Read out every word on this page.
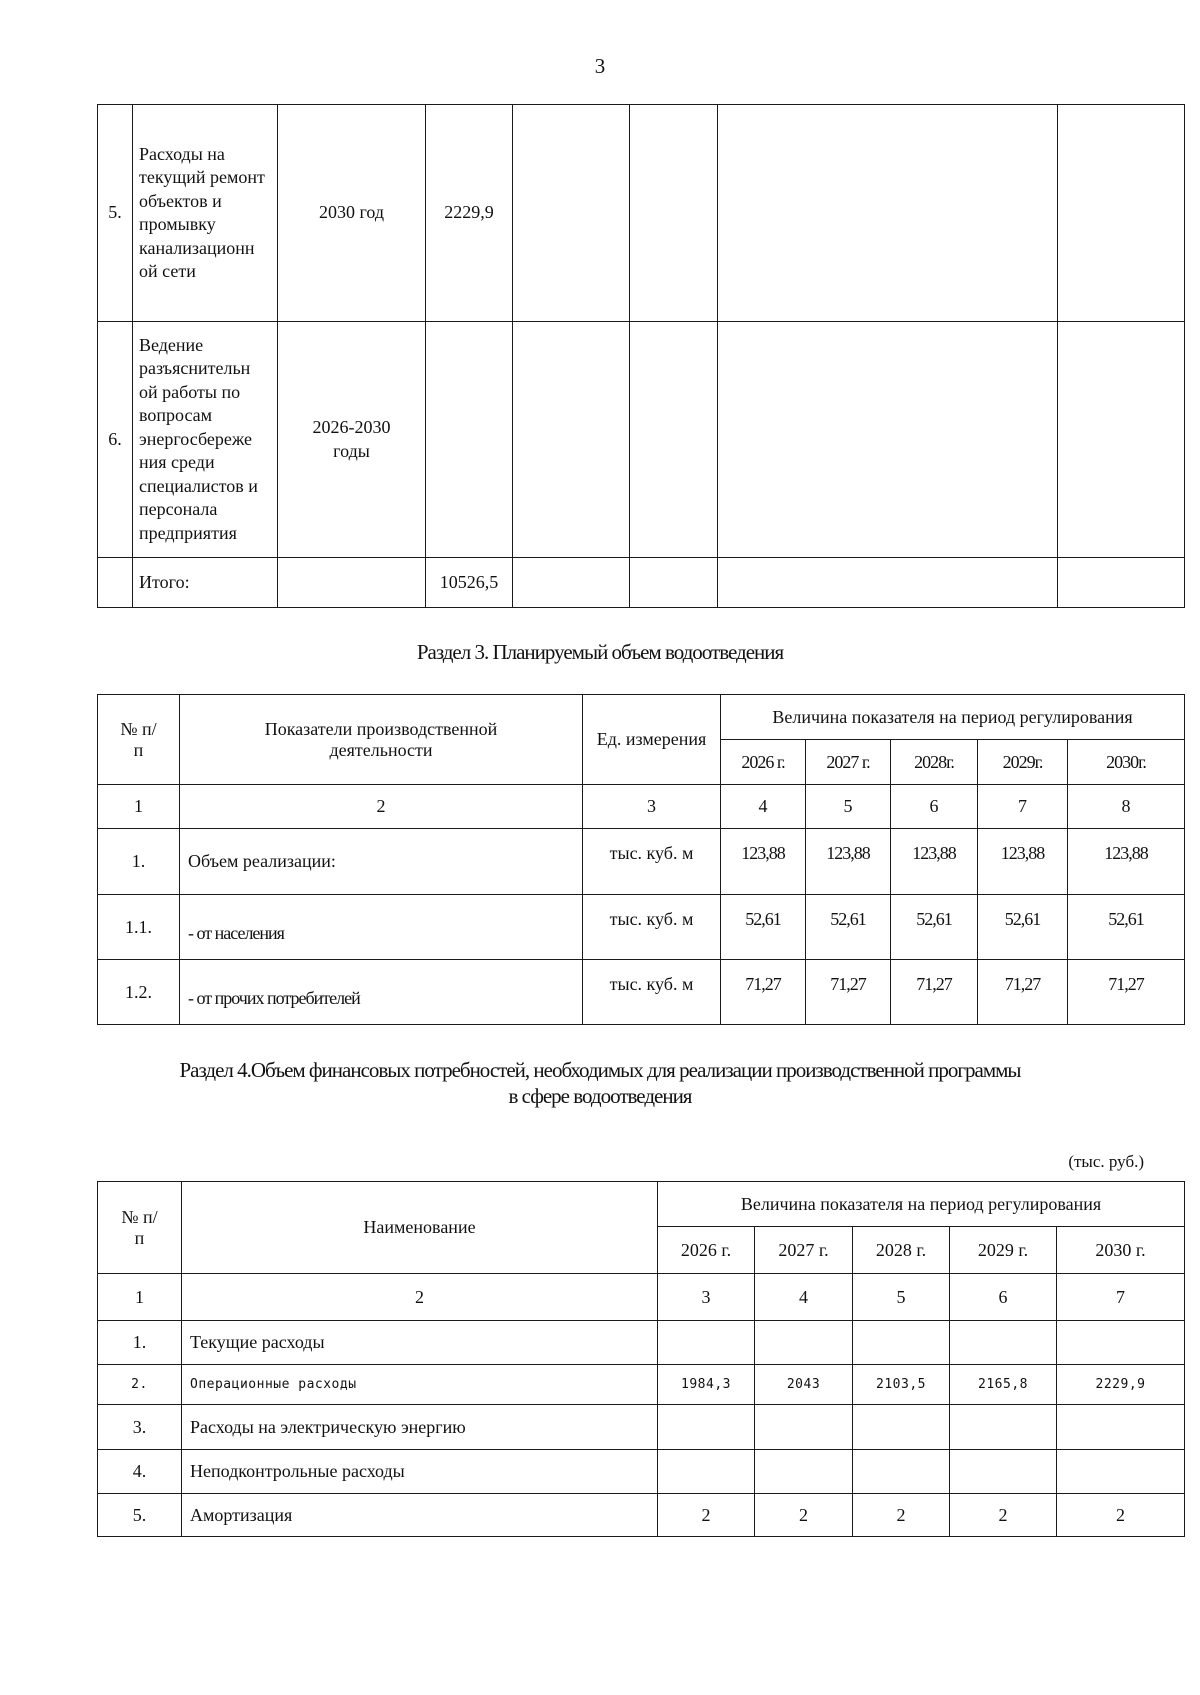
3
5.	Расходы на текущий ремонт объектов и промывку канализационн ой сети	2030 год	2229,9				
6.	Ведение разъяснительн ой работы по вопросам энергосбереже ния среди специалистов и персонала предприятия	2026-2030 годы					
	Итого:		10526,5				
Раздел 3. Планируемый объем водоотведения
№ п/п	Показатели производственной деятельности	Ед. измерения	Величина показателя на период регулирования				
			2026 г.	2027 г.	2028г.	2029г.	2030г.
1	2	3	4	5	6	7	8
1.	Объем реализации:	тыс. куб. м	123,88	123,88	123,88	123,88	123,88
1.1.	- от населения	тыс. куб. м	52,61	52,61	52,61	52,61	52,61
1.2.	- от прочих потребителей	тыс. куб. м	71,27	71,27	71,27	71,27	71,27
Раздел 4.Объем финансовых потребностей, необходимых для реализации производственной программы
в сфере водоотведения
(тыс. руб.)
№ п/п	Наименование	Величина показателя на период регулирования				
		2026 г.	2027 г.	2028 г.	2029 г.	2030 г.
1	2	3	4	5	6	7
1.	Текущие расходы					
2.	Операционные расходы	1984,3	2043	2103,5	2165,8	2229,9
3.	Расходы на электрическую энергию					
4.	Неподконтрольные расходы					
5.	Амортизация	2	2	2	2	2
